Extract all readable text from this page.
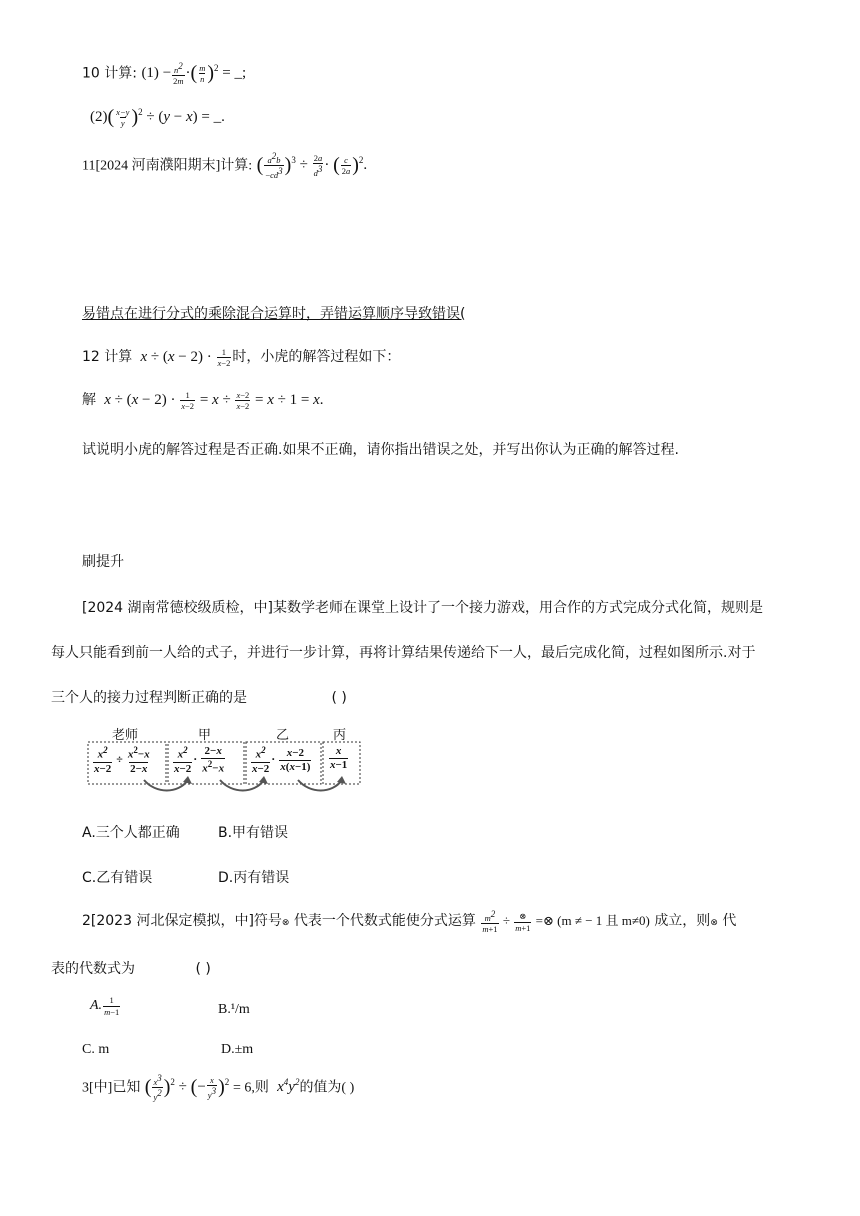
10 计算: $(1) - \frac{n^2}{2m}$ ·( $\frac{m}{n} )^2$ = _;
$(2)( \frac{x-y}{y} )^2 \div (y - x)$ = _.
11[2024 河南濮阳期末]计算: ( $\frac{a^2b}{-cd^3} )^3 \div \frac{2a}{d^3}$ · ( $\frac{c}{2a} )^2$.
易错点在进行分式的乘除混合运算时，弄错运算顺序导致错误(
12 计算 $x \div (x - 2) \cdot \frac{1}{x-2}$ 时，小虎的解答过程如下：
解 $x \div (x - 2) \cdot \frac{1}{x-2} = x \div \frac{x-2}{x-2} = x \div 1 = x$.
试说明小虎的解答过程是否正确.如果不正确，请你指出错误之处，并写出你认为正确的解答过程.
刷提升
[2024 湖南常德校级质检，中]某数学老师在课堂上设计了一个接力游戏，用合作的方式完成分式化简，规则是
每人只能看到前一人给的式子，并进行一步计算，再将计算结果传递给下一人，最后完成化简，过程如图所示.对于
三个人的接力过程判断正确的是	( )
老师	甲	乙	丙
$\frac{x^2}{x-2} \div \frac{x^2-x}{2-x} \frac{x^2}{x-2} \cdot \frac{2-x}{x^2-x} \frac{x^2}{x-2} \cdot \frac{x-2}{x(x-1)} \frac{x}{x-1}$
A.三个人都正确	B.甲有错误
C.乙有错误	D.丙有错误
2[2023 河北保定模拟，中]符号⊗ 代表一个代数式能使分式运算 $\frac{m^2}{m+1} \div \frac{\otimes}{m+1}$ =⊗ (m ≠ − 1 且 m≠0) 成立，则⊗ 代
表的代数式为	( )
A. $\frac{1}{m-1}$	B.¹/m
C. m	D.±m
3[中]已知 ( $\frac{x^3}{y^2} )^2$ ÷ (− $\frac{x}{y^3} )^2 = 6$,则  $x^4y^2$的值为( )
